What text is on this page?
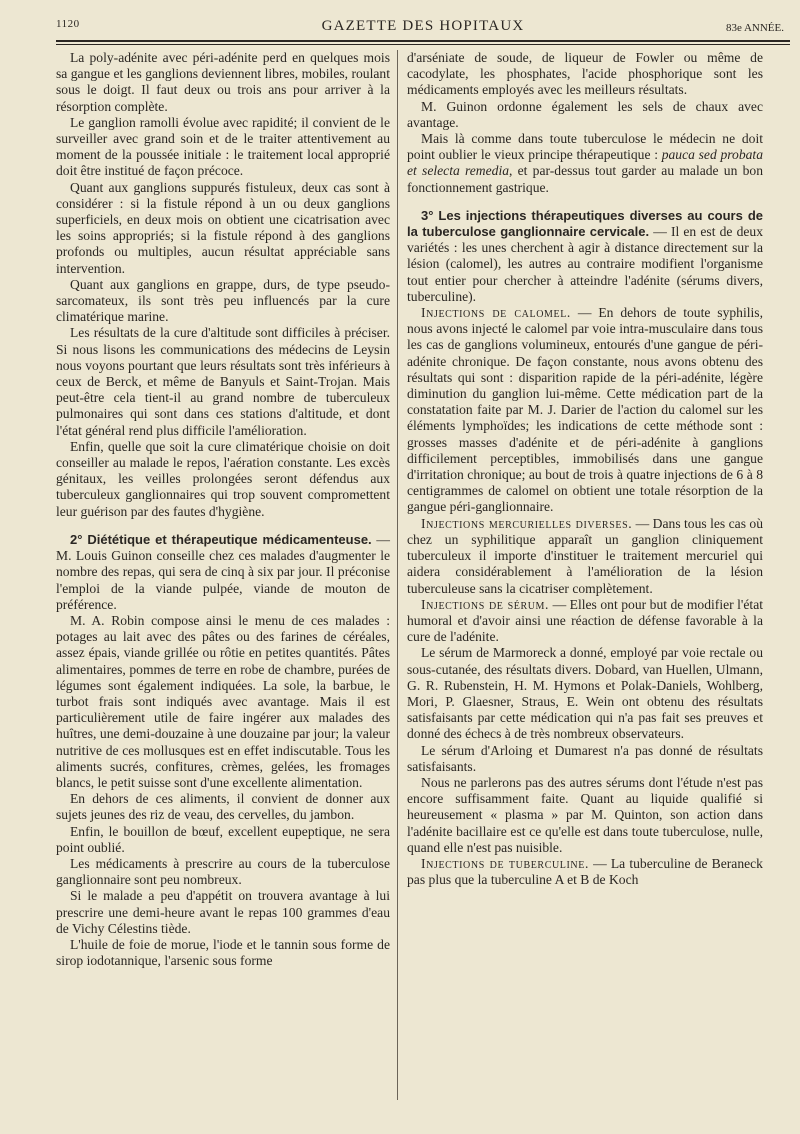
1120	GAZETTE DES HOPITAUX	83e ANNÉE.

La poly-adénite avec péri-adénite perd en quelques mois sa gangue et les ganglions deviennent libres, mobiles, roulant sous le doigt. Il faut deux ou trois ans pour arriver à la résorption complète.

Le ganglion ramolli évolue avec rapidité; il convient de le surveiller avec grand soin et de le traiter attentivement au moment de la poussée initiale : le traitement local approprié doit être institué de façon précoce.

Quant aux ganglions suppurés fistuleux, deux cas sont à considérer : si la fistule répond à un ou deux ganglions superficiels, en deux mois on obtient une cicatrisation avec les soins appropriés; si la fistule répond à des ganglions profonds ou multiples, aucun résultat appréciable sans intervention.

Quant aux ganglions en grappe, durs, de type pseudo-sarcomateux, ils sont très peu influencés par la cure climatérique marine.

Les résultats de la cure d'altitude sont difficiles à préciser. Si nous lisons les communications des médecins de Leysin nous voyons pourtant que leurs résultats sont très inférieurs à ceux de Berck, et même de Banyuls et Saint-Trojan. Mais peut-être cela tient-il au grand nombre de tuberculeux pulmonaires qui sont dans ces stations d'altitude, et dont l'état général rend plus difficile l'amélioration.

Enfin, quelle que soit la cure climatérique choisie on doit conseiller au malade le repos, l'aération constante. Les excès génitaux, les veilles prolongées seront défendus aux tuberculeux ganglionnaires qui trop souvent compromettent leur guérison par des fautes d'hygiène.

2° Diététique et thérapeutique médicamenteuse. — M. Louis Guinon conseille chez ces malades d'augmenter le nombre des repas, qui sera de cinq à six par jour. Il préconise l'emploi de la viande pulpée, viande de mouton de préférence.

M. A. Robin compose ainsi le menu de ces malades : potages au lait avec des pâtes ou des farines de céréales, assez épais, viande grillée ou rôtie en petites quantités. Pâtes alimentaires, pommes de terre en robe de chambre, purées de légumes sont également indiquées. La sole, la barbue, le turbot frais sont indiqués avec avantage. Mais il est particulièrement utile de faire ingérer aux malades des huîtres, une demi-douzaine à une douzaine par jour; la valeur nutritive de ces mollusques est en effet indiscutable. Tous les aliments sucrés, confitures, crèmes, gelées, les fromages blancs, le petit suisse sont d'une excellente alimentation.

En dehors de ces aliments, il convient de donner aux sujets jeunes des riz de veau, des cervelles, du jambon.

Enfin, le bouillon de bœuf, excellent eupeptique, ne sera point oublié.

Les médicaments à prescrire au cours de la tuberculose ganglionnaire sont peu nombreux.

Si le malade a peu d'appétit on trouvera avantage à lui prescrire une demi-heure avant le repas 100 grammes d'eau de Vichy Célestins tiède.

L'huile de foie de morue, l'iode et le tannin sous forme de sirop iodotannique, l'arsenic sous forme

d'arséniate de soude, de liqueur de Fowler ou même de cacodylate, les phosphates, l'acide phosphorique sont les médicaments employés avec les meilleurs résultats.

M. Guinon ordonne également les sels de chaux avec avantage.

Mais là comme dans toute tuberculose le médecin ne doit point oublier le vieux principe thérapeutique : pauca sed probata et selecta remedia, et par-dessus tout garder au malade un bon fonctionnement gastrique.

3° Les injections thérapeutiques diverses au cours de la tuberculose ganglionnaire cervicale. — Il en est de deux variétés : les unes cherchent à agir à distance directement sur la lésion (calomel), les autres au contraire modifient l'organisme tout entier pour chercher à atteindre l'adénite (sérums divers, tuberculine).

Injections de calomel. — En dehors de toute syphilis, nous avons injecté le calomel par voie intra-musculaire dans tous les cas de ganglions volumineux, entourés d'une gangue de péri-adénite chronique. De façon constante, nous avons obtenu des résultats qui sont : disparition rapide de la péri-adénite, légère diminution du ganglion lui-même. Cette médication part de la constatation faite par M. J. Darier de l'action du calomel sur les éléments lymphoïdes; les indications de cette méthode sont : grosses masses d'adénite et de péri-adénite à ganglions difficilement perceptibles, immobilisés dans une gangue d'irritation chronique; au bout de trois à quatre injections de 6 à 8 centigrammes de calomel on obtient une totale résorption de la gangue péri-ganglionnaire.

Injections mercurielles diverses. — Dans tous les cas où chez un syphilitique apparaît un ganglion cliniquement tuberculeux il importe d'instituer le traitement mercuriel qui aidera considérablement à l'amélioration de la lésion tuberculeuse sans la cicatriser complètement.

Injections de sérum. — Elles ont pour but de modifier l'état humoral et d'avoir ainsi une réaction de défense favorable à la cure de l'adénite.

Le sérum de Marmoreck a donné, employé par voie rectale ou sous-cutanée, des résultats divers. Dobard, van Huellen, Ulmann, G. R. Rubenstein, H. M. Hymons et Polak-Daniels, Wohlberg, Mori, P. Glaesner, Straus, E. Wein ont obtenu des résultats satisfaisants par cette médication qui n'a pas fait ses preuves et donné des échecs à de très nombreux observateurs.

Le sérum d'Arloing et Dumarest n'a pas donné de résultats satisfaisants.

Nous ne parlerons pas des autres sérums dont l'étude n'est pas encore suffisamment faite. Quant au liquide qualifié si heureusement « plasma » par M. Quinton, son action dans l'adénite bacillaire est ce qu'elle est dans toute tuberculose, nulle, quand elle n'est pas nuisible.

Injections de tuberculine. — La tuberculine de Beraneck pas plus que la tuberculine A et B de Koch
